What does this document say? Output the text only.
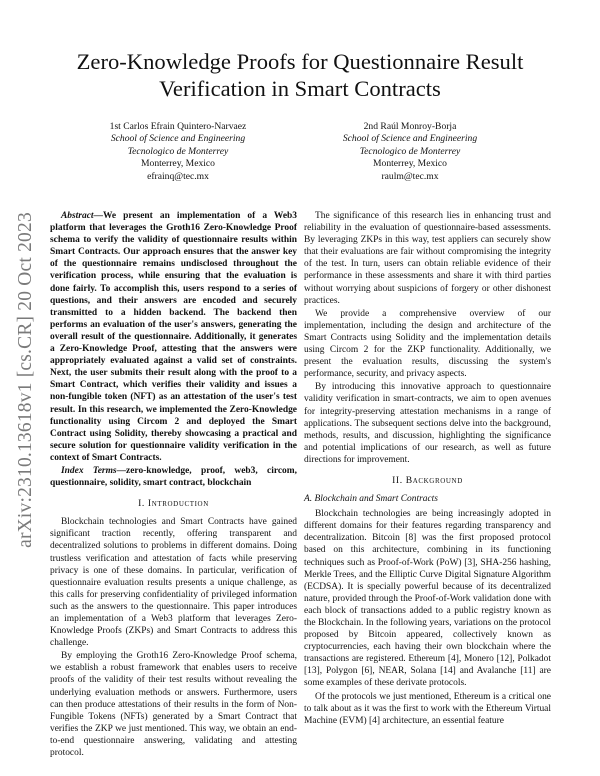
arXiv:2310.13618v1 [cs.CR] 20 Oct 2023
Zero-Knowledge Proofs for Questionnaire Result
Verification in Smart Contracts
1st Carlos Efrain Quintero-Narvaez
School of Science and Engineering
Tecnologico de Monterrey
Monterrey, Mexico
efrainq@tec.mx
2nd Raúl Monroy-Borja
School of Science and Engineering
Tecnologico de Monterrey
Monterrey, Mexico
raulm@tec.mx

Abstract—We present an implementation of a Web3 platform that leverages the Groth16 Zero-Knowledge Proof schema to verify the validity of questionnaire results within Smart Contracts. Our approach ensures that the answer key of the questionnaire remains undisclosed throughout the verification process, while ensuring that the evaluation is done fairly. To accomplish this, users respond to a series of questions, and their answers are encoded and securely transmitted to a hidden backend. The backend then performs an evaluation of the user's answers, generating the overall result of the questionnaire. Additionally, it generates a Zero-Knowledge Proof, attesting that the answers were appropriately evaluated against a valid set of constraints. Next, the user submits their result along with the proof to a Smart Contract, which verifies their validity and issues a non-fungible token (NFT) as an attestation of the user's test result. In this research, we implemented the Zero-Knowledge functionality using Circom 2 and deployed the Smart Contract using Solidity, thereby showcasing a practical and secure solution for questionnaire validity verification in the context of Smart Contracts.

Index Terms—zero-knowledge, proof, web3, circom, questionnaire, solidity, smart contract, blockchain

I. Introduction

Blockchain technologies and Smart Contracts have gained significant traction recently, offering transparent and decentralized solutions to problems in different domains. Doing trustless verification and attestation of facts while preserving privacy is one of these domains. In particular, verification of questionnaire evaluation results presents a unique challenge, as this calls for preserving confidentiality of privileged information such as the answers to the questionnaire. This paper introduces an implementation of a Web3 platform that leverages Zero-Knowledge Proofs (ZKPs) and Smart Contracts to address this challenge.

By employing the Groth16 Zero-Knowledge Proof schema, we establish a robust framework that enables users to receive proofs of the validity of their test results without revealing the underlying evaluation methods or answers. Furthermore, users can then produce attestations of their results in the form of Non-Fungible Tokens (NFTs) generated by a Smart Contract that verifies the ZKP we just mentioned. This way, we obtain an end-to-end questionnaire answering, validating and attesting protocol.

The significance of this research lies in enhancing trust and reliability in the evaluation of questionnaire-based assessments. By leveraging ZKPs in this way, test appliers can securely show that their evaluations are fair without compromising the integrity of the test. In turn, users can obtain reliable evidence of their performance in these assessments and share it with third parties without worrying about suspicions of forgery or other dishonest practices.

We provide a comprehensive overview of our implementation, including the design and architecture of the Smart Contracts using Solidity and the implementation details using Circom 2 for the ZKP functionality. Additionally, we present the evaluation results, discussing the system's performance, security, and privacy aspects.

By introducing this innovative approach to questionnaire validity verification in smart-contracts, we aim to open avenues for integrity-preserving attestation mechanisms in a range of applications. The subsequent sections delve into the background, methods, results, and discussion, highlighting the significance and potential implications of our research, as well as future directions for improvement.

II. Background
A. Blockchain and Smart Contracts

Blockchain technologies are being increasingly adopted in different domains for their features regarding transparency and decentralization. Bitcoin [8] was the first proposed protocol based on this architecture, combining in its functioning techniques such as Proof-of-Work (PoW) [3], SHA-256 hashing, Merkle Trees, and the Elliptic Curve Digital Signature Algorithm (ECDSA). It is specially powerful because of its decentralized nature, provided through the Proof-of-Work validation done with each block of transactions added to a public registry known as the Blockchain. In the following years, variations on the protocol proposed by Bitcoin appeared, collectively known as cryptocurrencies, each having their own blockchain where the transactions are registered. Ethereum [4], Monero [12], Polkadot [13], Polygon [6], NEAR, Solana [14] and Avalanche [11] are some examples of these derivate protocols.

Of the protocols we just mentioned, Ethereum is a critical one to talk about as it was the first to work with the Ethereum Virtual Machine (EVM) [4] architecture, an essential feature
